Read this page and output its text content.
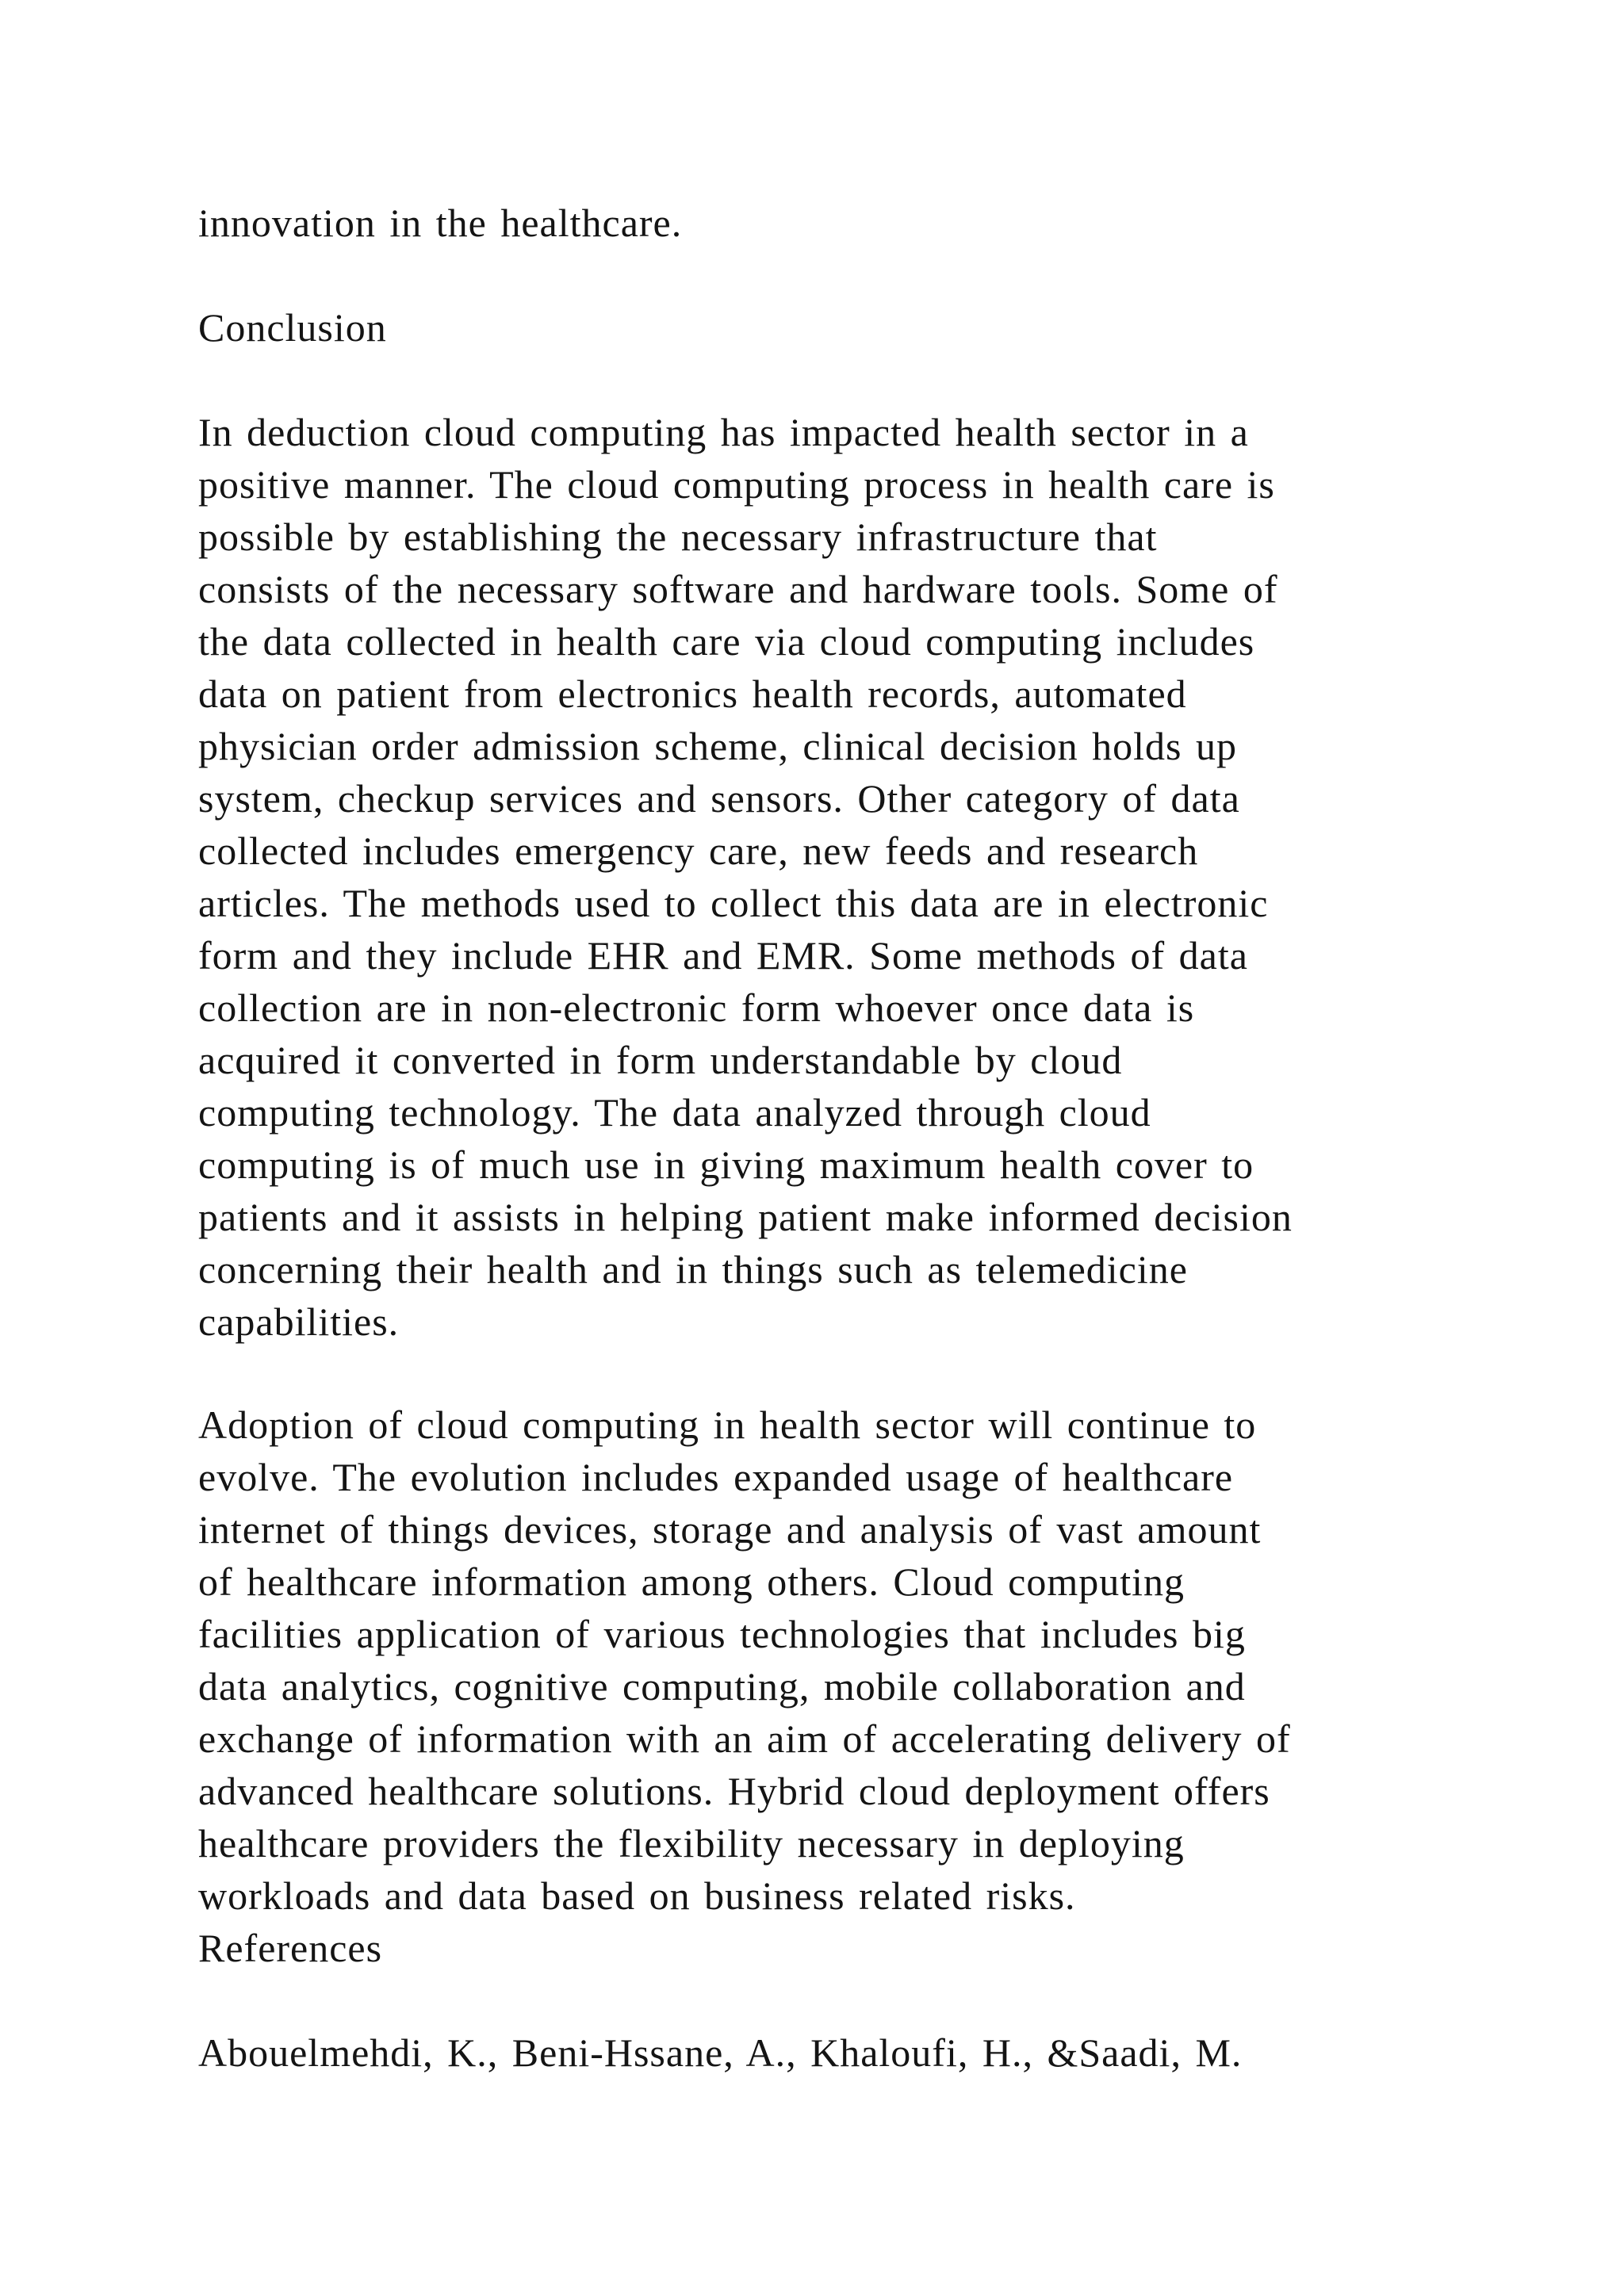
innovation in the healthcare.
Conclusion
In deduction cloud computing has impacted health sector in a
positive manner. The cloud computing process in health care is
possible by establishing the necessary infrastructure that
consists of the necessary software and hardware tools. Some of
the data collected in health care via cloud computing includes
data on patient from electronics health records, automated
physician order admission scheme, clinical decision holds up
system, checkup services and sensors. Other category of data
collected includes emergency care, new feeds and research
articles. The methods used to collect this data are in electronic
form and they include EHR and EMR. Some methods of data
collection are in non-electronic form whoever once data is
acquired it converted in form understandable by cloud
computing technology. The data analyzed through cloud
computing is of much use in giving maximum health cover to
patients and it assists in helping patient make informed decision
concerning their health and in things such as telemedicine
capabilities.
Adoption of cloud computing in health sector will continue to
evolve. The evolution includes expanded usage of healthcare
internet of things devices, storage and analysis of vast amount
of healthcare information among others. Cloud computing
facilities application of various technologies that includes big
data analytics, cognitive computing, mobile collaboration and
exchange of information with an aim of accelerating delivery of
advanced healthcare solutions. Hybrid cloud deployment offers
healthcare providers the flexibility necessary in deploying
workloads and data based on business related risks.
References
Abouelmehdi, K., Beni-Hssane, A., Khaloufi, H., &Saadi, M.
